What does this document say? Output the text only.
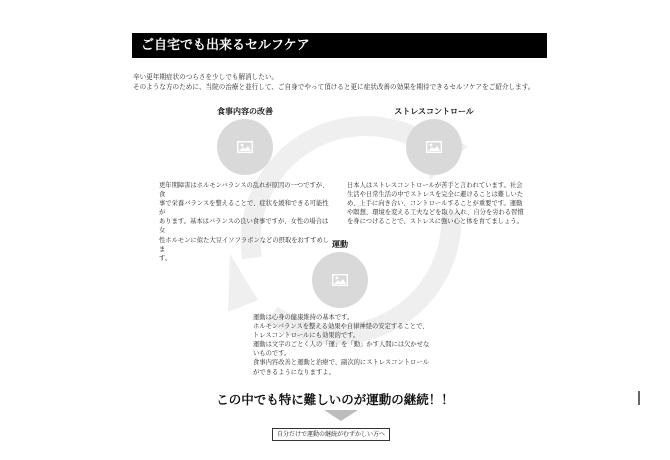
ご自宅でも出来るセルフケア

辛い更年期症状のつらさを少しでも解消したい。

そのような方のために、当院の治療と並行して、ご自身でやって頂けると更に症状改善の効果を期待できるセルフケアをご紹介します。

食事内容の改善

更年期障害はホルモンバランスの乱れが原因の一つですが、食

事で栄養バランスを整えることで、症状を緩和できる可能性が

あります。基本はバランスの良い食事ですが、女性の場合は女

性ホルモンに似た大豆イソフラボンなどの摂取をおすすめしま

す。

ストレスコントロール

日本人はストレスコントロールが苦手と言われています。社会

生活や日常生活の中でストレスを完全に避けることは難しいた

め、上手に向き合い、コントロールすることが重要です。運動

や瞑想、環境を変える工夫などを取り入れ、自分を労わる習慣

を身につけることで、ストレスに強い心と体を育てましょう。

運動

運動は心身の健康維持の基本です。

ホルモンバランスを整える効果や自律神経の安定することで、

トレスコントロールにも効果的です。

運動は文字のごとく人の「運」を「動」かす人間には欠かせな

いものです。

食事内容改善と運動と治療で、副次的にストレスコントロール

ができるようになりますよ。

この中でも特に難しいのが運動の継続！！
自分だけで運動の継続がむずかしい方へ
